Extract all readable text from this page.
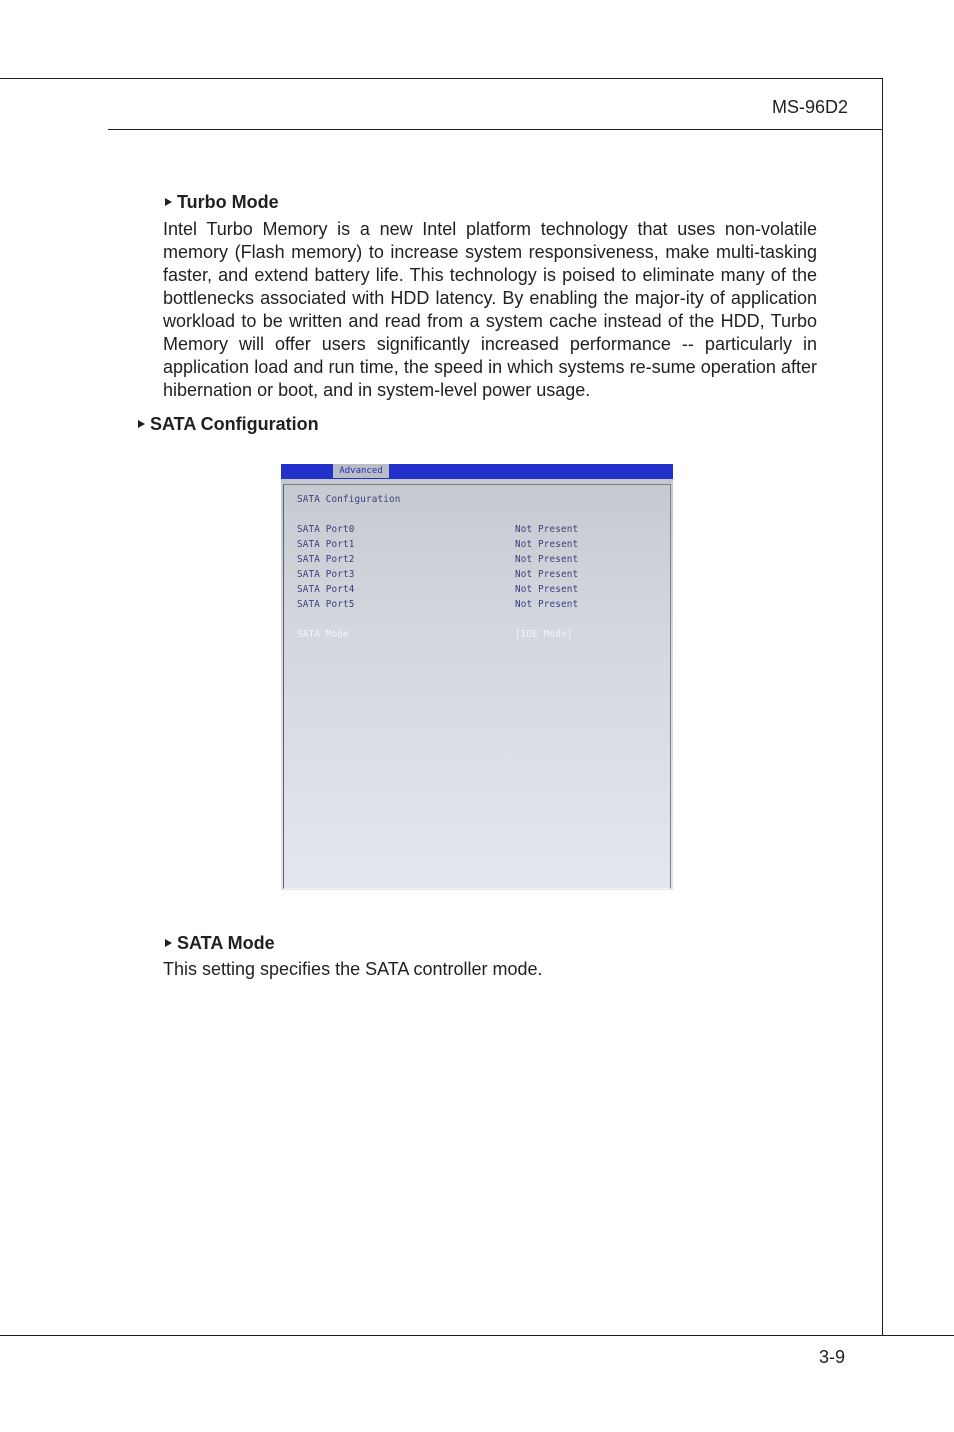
MS-96D2
Turbo Mode

Intel Turbo Memory is a new Intel platform technology that uses non-volatile memory (Flash memory) to increase system responsiveness, make multi-tasking faster, and extend battery life. This technology is poised to eliminate many of the bottlenecks associated with HDD latency. By enabling the major-ity of application workload to be written and read from a system cache instead of the HDD, Turbo Memory will offer users significantly increased performance -- particularly in application load and run time, the speed in which systems re-sume operation after hibernation or boot, and in system-level power usage.

SATA Configuration
Advanced
SATA Configuration
SATA Port0	Not Present
SATA Port1	Not Present
SATA Port2	Not Present
SATA Port3	Not Present
SATA Port4	Not Present
SATA Port5	Not Present
SATA Mode	[IDE Mode]
SATA Mode

This setting specifies the SATA controller mode.

3-9
